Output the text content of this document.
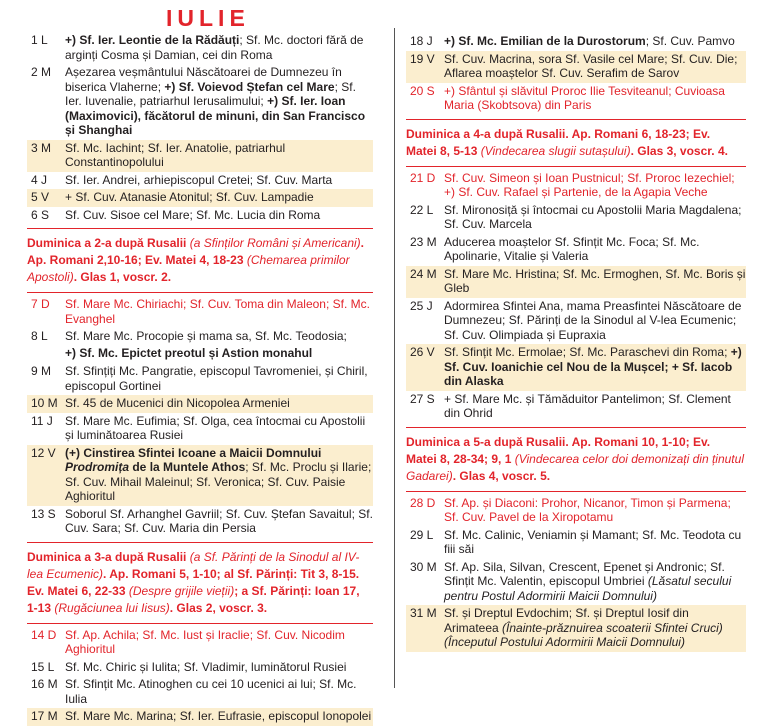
IULIE
1 L	+) Sf. Ier. Leontie de la Rădăuți; Sf. Mc. doctori fără de arginți Cosma și Damian, cei din Roma
2 M	Așezarea veșmântului Născătoarei de Dumnezeu în biserica Vlaherne; +) Sf. Voievod Ștefan cel Mare; Sf. Ier. Iuvenalie, patriarhul Ierusalimului; +) Sf. Ier. Ioan (Maximovici), făcătorul de minuni, din San Francisco și Shanghai
3 M	Sf. Mc. Iachint; Sf. Ier. Anatolie, patriarhul Constantinopolului
4 J	Sf. Ier. Andrei, arhiepiscopul Cretei; Sf. Cuv. Marta
5 V	+ Sf. Cuv. Atanasie Atonitul; Sf. Cuv. Lampadie
6 S	Sf. Cuv. Sisoe cel Mare; Sf. Mc. Lucia din Roma
Duminica a 2-a după Rusalii (a Sfinților Români și Americani). Ap. Romani 2,10-16; Ev. Matei 4, 18-23 (Chemarea primilor Apostoli). Glas 1, voscr. 2.
7 D	Sf. Mare Mc. Chiriachi; Sf. Cuv. Toma din Maleon; Sf. Mc. Evanghel
8 L	Sf. Mare Mc. Procopie și mama sa, Sf. Mc. Teodosia;
+) Sf. Mc. Epictet preotul și Astion monahul
9 M	Sf. Sfințiți Mc. Pangratie, episcopul Tavromeniei, și Chiril, episcopul Gortinei
10 M Sf. 45 de Mucenici din Nicopolea Armeniei
11 J	Sf. Mare Mc. Eufimia; Sf. Olga, cea întocmai cu Apostolii și luminătoarea Rusiei
12 V (+) Cinstirea Sfintei Icoane a Maicii Domnului Prodromița de la Muntele Athos; Sf. Mc. Proclu și Ilarie; Sf. Cuv. Mihail Maleinul; Sf. Veronica; Sf. Cuv. Paisie Aghioritul
13 S Soborul Sf. Arhanghel Gavriil; Sf. Cuv. Ștefan Savaitul; Sf. Cuv. Sara; Sf. Cuv. Maria din Persia
Duminica a 3-a după Rusalii (a Sf. Părinți de la Sinodul al IV-lea Ecumenic). Ap. Romani 5, 1-10; al Sf. Părinți: Tit 3, 8-15. Ev. Matei 6, 22-33 (Despre grijile vieții); a Sf. Părinți: Ioan 17, 1-13 (Rugăciunea lui Iisus). Glas 2, voscr. 3.
14 D Sf. Ap. Achila; Sf. Mc. Iust și Iraclie; Sf. Cuv. Nicodim Aghioritul
15 L Sf. Mc. Chiric și Iulita; Sf. Vladimir, luminătorul Rusiei
16 M Sf. Sfințit Mc. Atinoghen cu cei 10 ucenici ai lui; Sf. Mc. Iulia
17 M Sf. Mare Mc. Marina; Sf. Ier. Eufrasie, episcopul Ionopolei
18 J +) Sf. Mc. Emilian de la Durostorum; Sf. Cuv. Pamvo
19 V Sf. Cuv. Macrina, sora Sf. Vasile cel Mare; Sf. Cuv. Die; Aflarea moaștelor Sf. Cuv. Serafim de Sarov
20 S +) Sfântul și slăvitul Proroc Ilie Tesviteanul; Cuvioasa Maria (Skobtsova) din Paris
Duminica a 4-a după Rusalii. Ap. Romani 6, 18-23; Ev. Matei 8, 5-13 (Vindecarea slugii sutașului). Glas 3, voscr. 4.
21 D Sf. Cuv. Simeon și Ioan Pustnicul; Sf. Proroc Iezechiel; +) Sf. Cuv. Rafael și Partenie, de la Agapia Veche
22 L Sf. Mironosiță și întocmai cu Apostolii Maria Magdalena; Sf. Cuv. Marcela
23 M Aducerea moaștelor Sf. Sfințit Mc. Foca; Sf. Mc. Apolinarie, Vitalie și Valeria
24 M Sf. Mare Mc. Hristina; Sf. Mc. Ermoghen, Sf. Mc. Boris și Gleb
25 J Adormirea Sfintei Ana, mama Preasfintei Născătoare de Dumnezeu; Sf. Părinți de la Sinodul al V-lea Ecumenic; Sf. Cuv. Olimpiada și Eupraxia
26 V Sf. Sfințit Mc. Ermolae; Sf. Mc. Paraschevi din Roma; +) Sf. Cuv. Ioanichie cel Nou de la Mușcel; + Sf. Iacob din Alaska
27 S + Sf. Mare Mc. și Tămăduitor Pantelimon; Sf. Clement din Ohrid
Duminica a 5-a după Rusalii. Ap. Romani 10, 1-10; Ev. Matei 8, 28-34; 9, 1 (Vindecarea celor doi demonizați din ținutul Gadarei). Glas 4, voscr. 5.
28 D Sf. Ap. și Diaconi: Prohor, Nicanor, Timon și Parmena; Sf. Cuv. Pavel de la Xiropotamu
29 L Sf. Mc. Calinic, Veniamin și Mamant; Sf. Mc. Teodota cu fiii săi
30 M Sf. Ap. Sila, Silvan, Crescent, Epenet și Andronic; Sf. Sfințit Mc. Valentin, episcopul Umbriei (Lăsatul secului pentru Postul Adormirii Maicii Domnului)
31 M Sf. și Dreptul Evdochim; Sf. și Dreptul Iosif din Arimateea (Înainte-prăznuirea scoaterii Sfintei Cruci) (Începutul Postului Adormirii Maicii Domnului)
